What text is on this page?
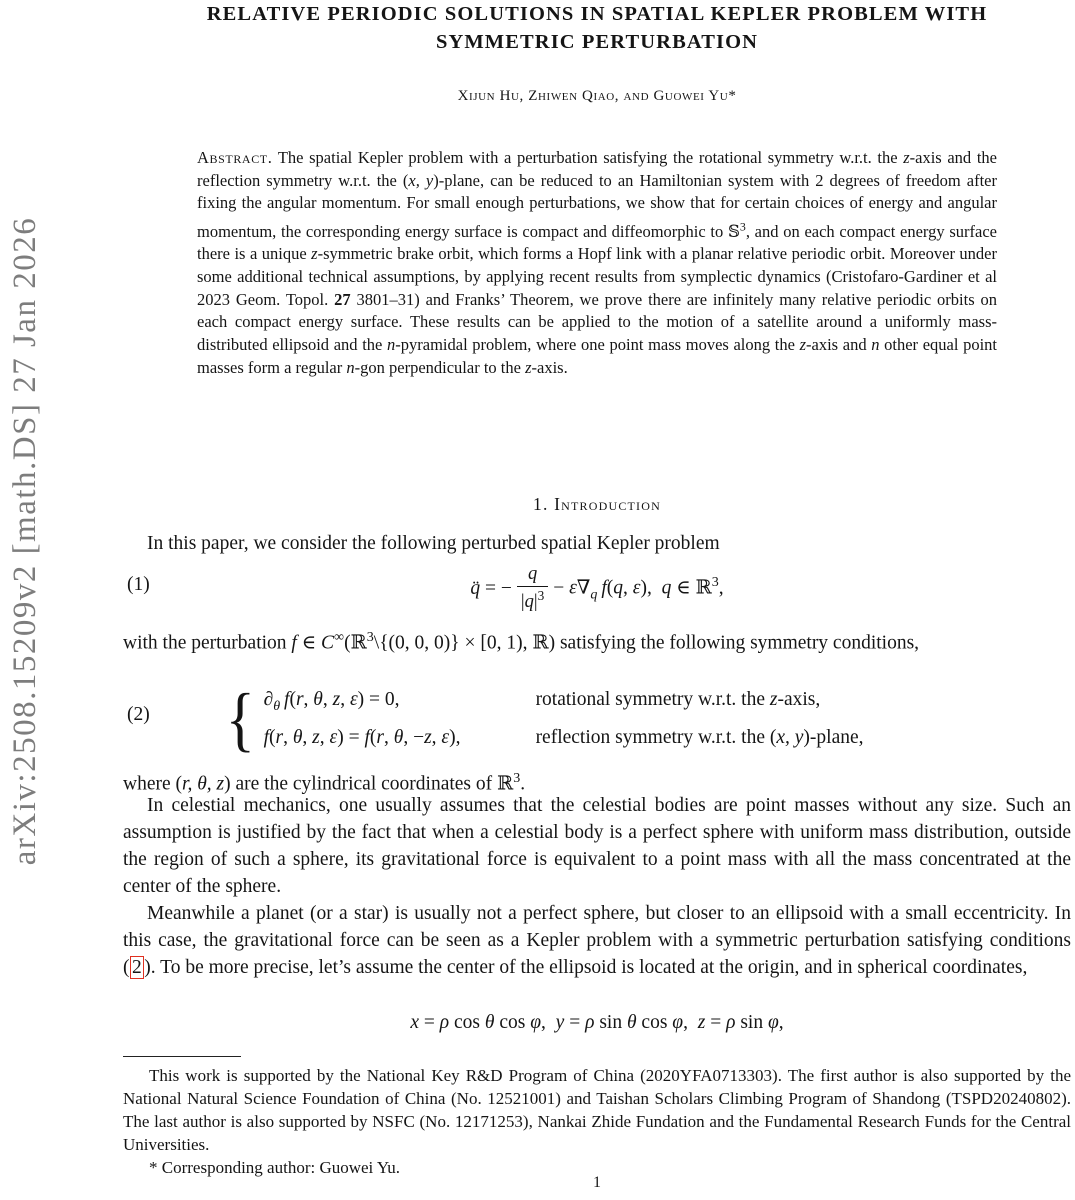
arXiv:2508.15209v2 [math.DS] 27 Jan 2026
RELATIVE PERIODIC SOLUTIONS IN SPATIAL KEPLER PROBLEM WITH
SYMMETRIC PERTURBATION
Xijun Hu, Zhiwen Qiao, and Guowei Yu*
Abstract. The spatial Kepler problem with a perturbation satisfying the rotational symmetry w.r.t. the z-axis and the reflection symmetry w.r.t. the (x, y)-plane, can be reduced to an Hamiltonian system with 2 degrees of freedom after fixing the angular momentum. For small enough perturbations, we show that for certain choices of energy and angular momentum, the corresponding energy surface is compact and diffeomorphic to 𝕊$^3$, and on each compact energy surface there is a unique z-symmetric brake orbit, which forms a Hopf link with a planar relative periodic orbit. Moreover under some additional technical assumptions, by applying recent results from symplectic dynamics (Cristofaro-Gardiner et al 2023 Geom. Topol. 27 3801–31) and Franks’ Theorem, we prove there are infinitely many relative periodic orbits on each compact energy surface. These results can be applied to the motion of a satellite around a uniformly mass-distributed ellipsoid and the n-pyramidal problem, where one point mass moves along the z-axis and n other equal point masses form a regular n-gon perpendicular to the z-axis.
1. Introduction
In this paper, we consider the following perturbed spatial Kepler problem
(1)	q̈ = − $\frac{q}{|q|^3} - \varepsilon\nabla_q$  f(q, ε), q ∈ ℝ$^3$,
with the perturbation f ∈ C∞(ℝ$^3$\{(0, 0, 0)} × [0, 1), ℝ) satisfying the following symmetry conditions,
(2) { $\partial_\theta$  f(r, θ, z, ε) = 0,	rotational symmetry w.r.t. the z-axis,
f(r, θ, z, ε) = f(r, θ, −z, ε),	reflection symmetry w.r.t. the (x, y)-plane,
where (r, θ, z) are the cylindrical coordinates of ℝ$^3$.
In celestial mechanics, one usually assumes that the celestial bodies are point masses without any size. Such an assumption is justified by the fact that when a celestial body is a perfect sphere with uniform mass distribution, outside the region of such a sphere, its gravitational force is equivalent to a point mass with all the mass concentrated at the center of the sphere.
Meanwhile a planet (or a star) is usually not a perfect sphere, but closer to an ellipsoid with a small eccentricity. In this case, the gravitational force can be seen as a Kepler problem with a symmetric perturbation satisfying conditions ( 2 ). To be more precise, let’s assume the center of the ellipsoid is located at the origin, and in spherical coordinates,
x = ρ cos θ cos φ, y = ρ sin θ cos φ, z = ρ sin φ,
This work is supported by the National Key R&D Program of China (2020YFA0713303). The first author is also supported by the National Natural Science Foundation of China (No. 12521001) and Taishan Scholars Climbing Program of Shandong (TSPD20240802). The last author is also supported by NSFC (No. 12171253), Nankai Zhide Fundation and the Fundamental Research Funds for the Central Universities.
* Corresponding author: Guowei Yu.
1
